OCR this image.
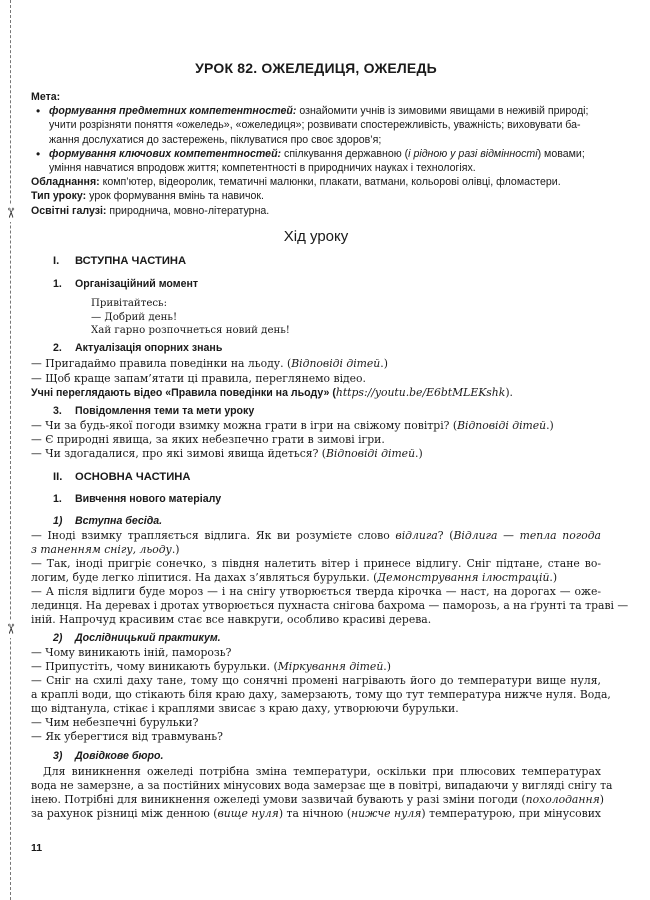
✂
✂
УРОК 82. ОЖЕЛЕДИЦЯ, ОЖЕЛЕДЬ
Мета:
• формування предметних компетентностей: ознайомити учнів із зимовими явищами в неживій природі;
учити розрізняти поняття «ожеледь», «ожеледиця»; розвивати спостережливість, уважність; виховувати ба-
жання дослухатися до застережень, піклуватися про своє здоров’я;
• формування ключових компетентностей: спілкування державною (і рідною у разі відмінності) мовами;
уміння навчатися впродовж життя; компетентності в природничих науках і технологіях.
Обладнання: комп’ютер, відеоролик, тематичні малюнки, плакати, ватмани, кольорові олівці, фломастери.
Тип уроку: урок формування вмінь та навичок.
Освітні галузі: природнича, мовно-літературна.
Хід уроку
I. ВСТУПНА ЧАСТИНА
1. Організаційний момент
Привітайтесь:
— Добрий день!
Хай гарно розпочнеться новий день!
2. Актуалізація опорних знань
— Пригадаймо правила поведінки на льоду. (Відповіді дітей.)
— Щоб краще запам’ятати ці правила, переглянемо відео.
Учні переглядають відео «Правила поведінки на льоду» (https://youtu.be/E6btMLEKshk).
3. Повідомлення теми та мети уроку
— Чи за будь-якої погоди взимку можна грати в ігри на свіжому повітрі? (Відповіді дітей.)
— Є природні явища, за яких небезпечно грати в зимові ігри.
— Чи здогадалися, про які зимові явища йдеться? (Відповіді дітей.)
II. ОСНОВНА ЧАСТИНА
1. Вивчення нового матеріалу
1) Вступна бесіда.
— Іноді взимку трапляється відлига. Як ви розумієте слово відлига? (Відлига — тепла погода
з таненням снігу, льоду.)
— Так, іноді пригріє сонечко, з півдня налетить вітер і принесе відлигу. Сніг підтане, стане во-
логим, буде легко ліпитися. На дахах з’являться бурульки. (Демонстрування ілюстрацій.)
— А після відлиги буде мороз — і на снігу утворюється тверда кірочка — наст, на дорогах — оже-
лединця. На деревах і дротах утворюється пухнаста снігова бахрома — паморозь, а на ґрунті та траві —
іній. Напрочуд красивим стає все навкруги, особливо красиві дерева.
2) Дослідницький практикум.
— Чому виникають іній, паморозь?
— Припустіть, чому виникають бурульки. (Міркування дітей.)
— Сніг на схилі даху тане, тому що сонячні промені нагрівають його до температури вище нуля,
а краплі води, що стікають біля краю даху, замерзають, тому що тут температура нижче нуля. Вода,
що відтанула, стікає і краплями звисає з краю даху, утворюючи бурульки.
— Чим небезпечні бурульки?
— Як уберегтися від травмувань?
3) Довідкове бюро.
Для виникнення ожеледі потрібна зміна температури, оскільки при плюсових температурах
вода не замерзне, а за постійних мінусових вода замерзає ще в повітрі, випадаючи у вигляді снігу та
інею. Потрібні для виникнення ожеледі умови зазвичай бувають у разі зміни погоди (похолодання)
за рахунок різниці між денною (вище нуля) та нічною (нижче нуля) температурою, при мінусових
11
